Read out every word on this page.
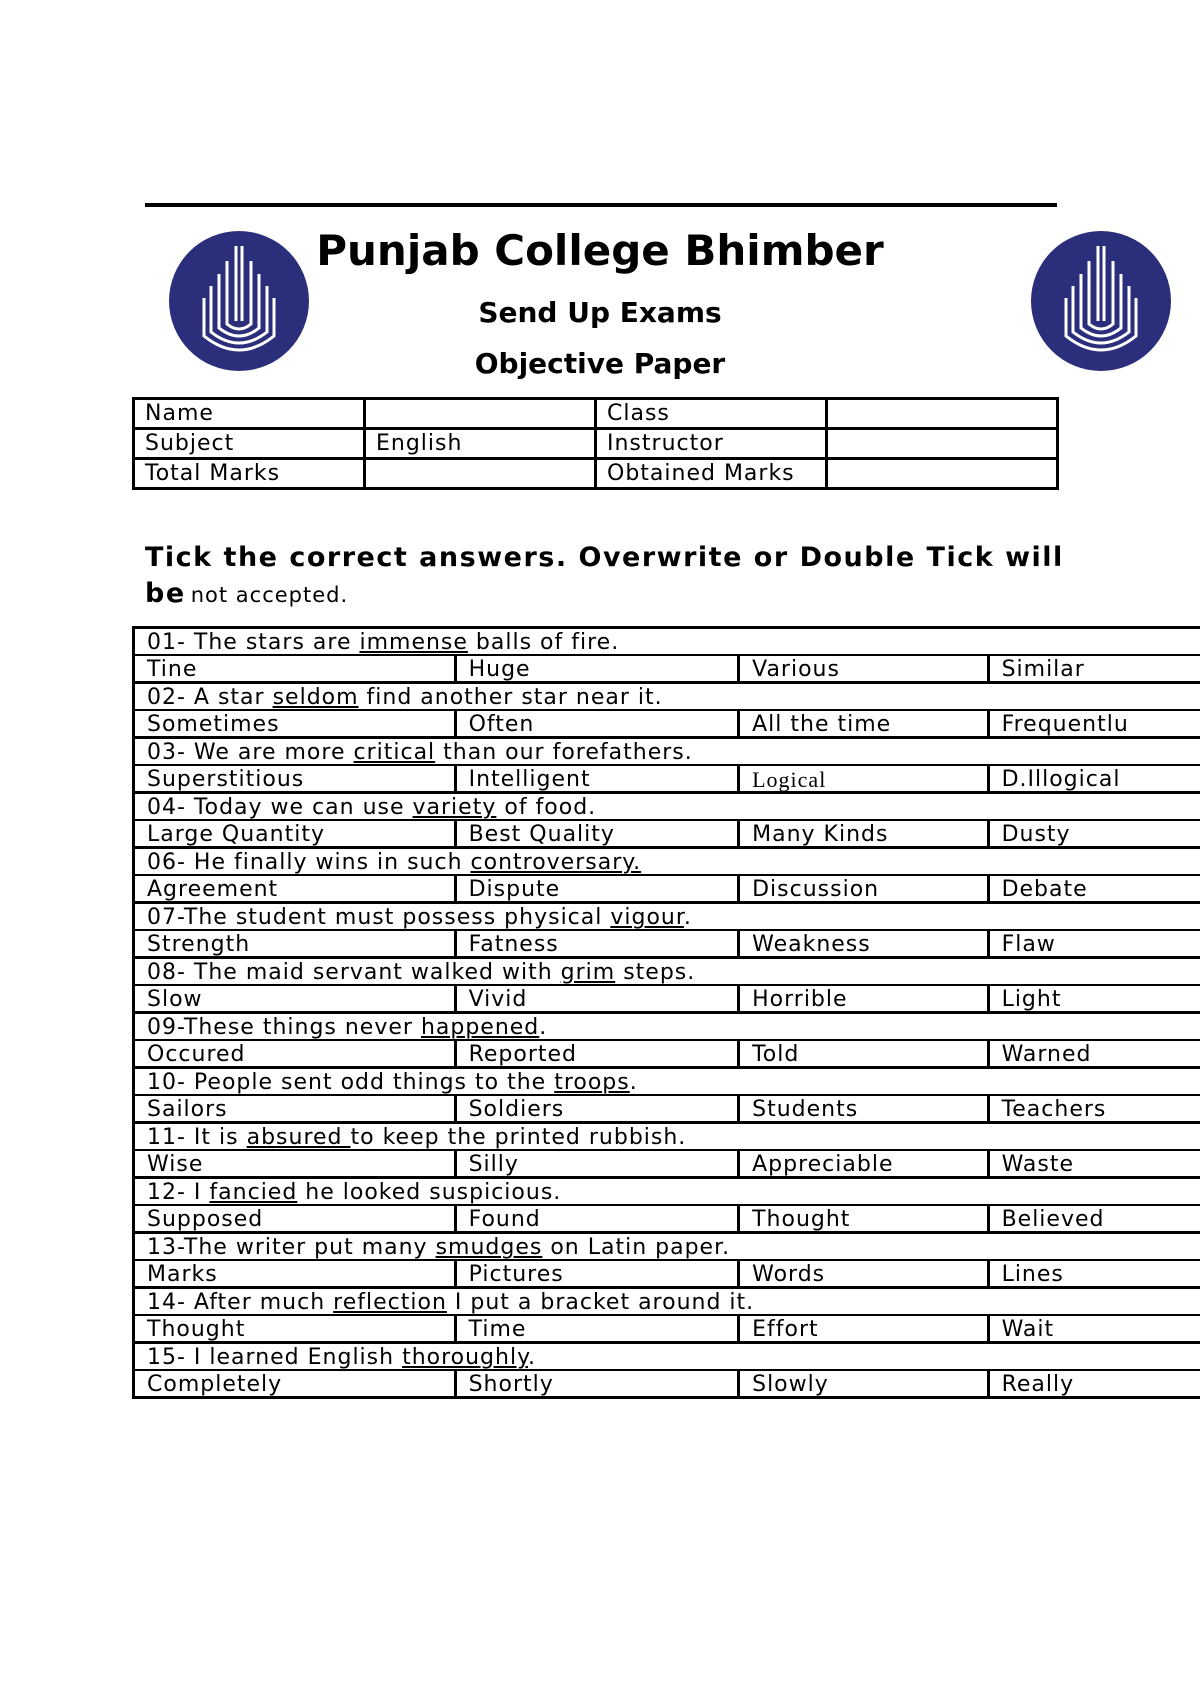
Punjab College Bhimber
Send Up Exams
Objective Paper
Name		Class	
Subject	English	Instructor	
Total Marks		Obtained Marks	
Tick the correct answers. Overwrite or Double Tick will be not accepted.
01- The stars are immense balls of fire.			
Tine	Huge	Various	Similar
02- A star seldom find another star near it.			
Sometimes	Often	All the time	Frequentlu
03- We are more critical than our forefathers.			
Superstitious	Intelligent	Logical	D.Illogical
04- Today we can use variety of food.			
Large Quantity	Best Quality	Many Kinds	Dusty
06- He finally wins in such controversary.			
Agreement	Dispute	Discussion	Debate
07-The student must possess physical vigour.			
Strength	Fatness	Weakness	Flaw
08- The maid servant walked with grim steps.			
Slow	Vivid	Horrible	Light
09-These things never happened.			
Occured	Reported	Told	Warned
10- People sent odd things to the troops.			
Sailors	Soldiers	Students	Teachers
11- It is absured to keep the printed rubbish.			
Wise	Silly	Appreciable	Waste
12- I fancied he looked suspicious.			
Supposed	Found	Thought	Believed
13-The writer put many smudges on Latin paper.			
Marks	Pictures	Words	Lines
14- After much reflection I put a bracket around it.			
Thought	Time	Effort	Wait
15- I learned English thoroughly.			
Completely	Shortly	Slowly	Really
